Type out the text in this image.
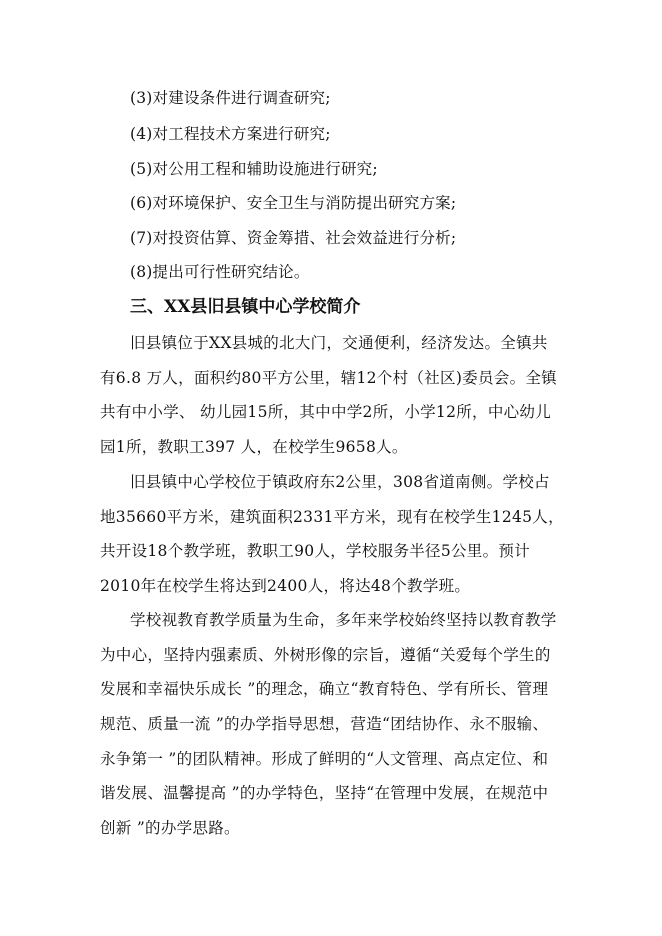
(3)对建设条件进行调查研究;
(4)对工程技术方案进行研究;
(5)对公用工程和辅助设施进行研究;
(6)对环境保护、安全卫生与消防提出研究方案;
(7)对投资估算、资金筹措、社会效益进行分析;
(8)提出可行性研究结论。
三、XX县旧县镇中心学校简介
旧县镇位于XX县城的北大门，交通便利，经济发达。全镇共
有6.8 万人，面积约80平方公里，辖12个村（社区)委员会。全镇
共有中小学、 幼儿园15所，其中中学2所，小学12所，中心幼儿
园1所，教职工397 人，在校学生9658人。
旧县镇中心学校位于镇政府东2公里，308省道南侧。学校占
地35660平方米，建筑面积2331平方米，现有在校学生1245人，
共开设18个教学班，教职工90人，学校服务半径5公里。预计
2010年在校学生将达到2400人，将达48个教学班。
学校视教育教学质量为生命，多年来学校始终坚持以教育教学
为中心，坚持内强素质、外树形像的宗旨，遵循“关爱每个学生的
发展和幸福快乐成长 ”的理念，确立“教育特色、学有所长、管理
规范、质量一流 ”的办学指导思想，营造“团结协作、永不服输、
永争第一 ”的团队精神。形成了鲜明的“人文管理、高点定位、和
谐发展、温馨提高 ”的办学特色，坚持“在管理中发展，在规范中
创新 ”的办学思路。
